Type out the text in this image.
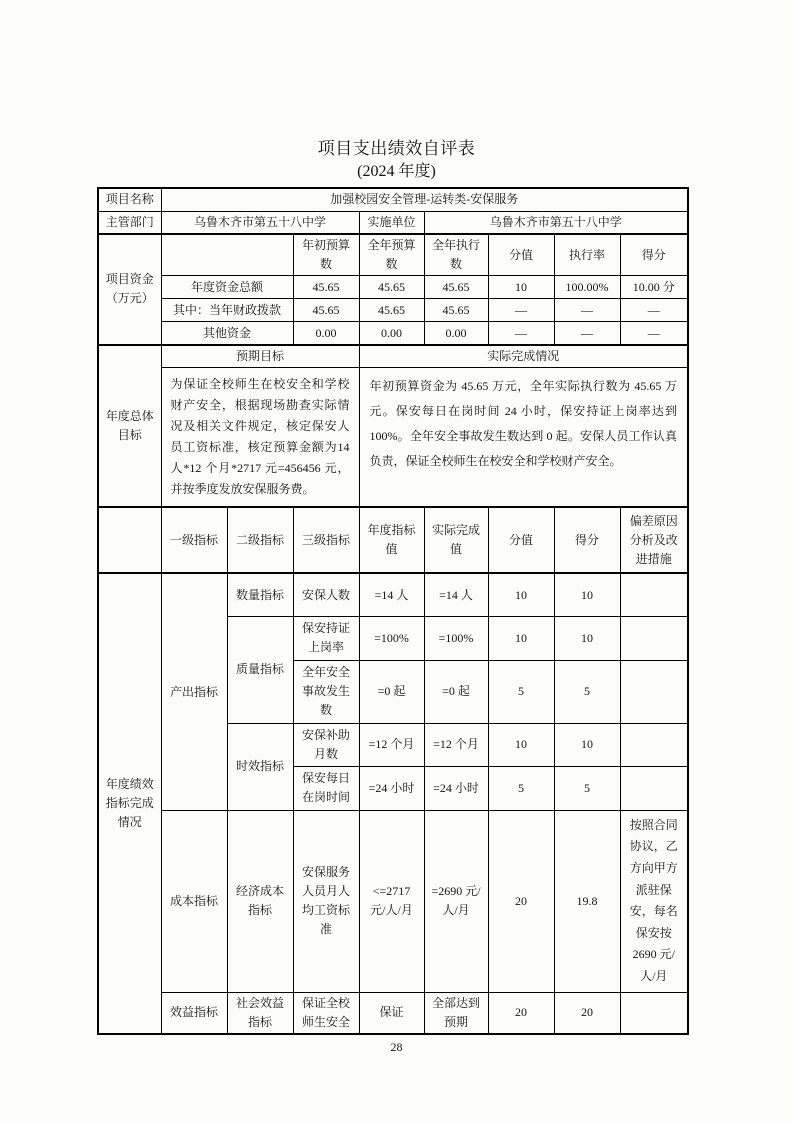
项目支出绩效自评表
(2024 年度)
项目名称	加强校园安全管理-运转类-安保服务							
主管部门	乌鲁木齐市第五十八中学			实施单位	乌鲁木齐市第五十八中学			
项目资金（万元）			年初预算数	全年预算数	全年执行数	分值	执行率	得分
	年度资金总额		45.65	45.65	45.65	10	100.00%	10.00 分
	其中：当年财政拨款		45.65	45.65	45.65	—	—	—
	其他资金		0.00	0.00	0.00	—	—	—
年度总体目标	预期目标			实际完成情况				
	为保证全校师生在校安全和学校财产安全，根据现场勘查实际情况及相关文件规定，核定保安人员工资标准，核定预算金额为14 人*12 个月*2717 元=456456 元，并按季度发放安保服务费。			年初预算资金为 45.65 万元，全年实际执行数为 45.65 万元。保安每日在岗时间 24 小时，保安持证上岗率达到 100%。全年安全事故发生数达到 0 起。安保人员工作认真负责，保证全校师生在校安全和学校财产安全。				
	一级指标	二级指标	三级指标	年度指标值	实际完成值	分值	得分	偏差原因分析及改进措施
年度绩效指标完成情况	产出指标	数量指标	安保人数	=14 人	=14 人	10	10	
		质量指标	保安持证上岗率	=100%	=100%	10	10	
			全年安全事故发生数	=0 起	=0 起	5	5	
		时效指标	安保补助月数	=12 个月	=12 个月	10	10	
			保安每日在岗时间	=24 小时	=24 小时	5	5	
	成本指标	经济成本指标	安保服务人员月人均工资标准	<=2717 元/人/月	=2690 元/人/月	20	19.8	按照合同协议，乙方向甲方派驻保安，每名保安按 2690 元/人/月
	效益指标	社会效益指标	保证全校师生安全	保证	全部达到预期	20	20	
28
